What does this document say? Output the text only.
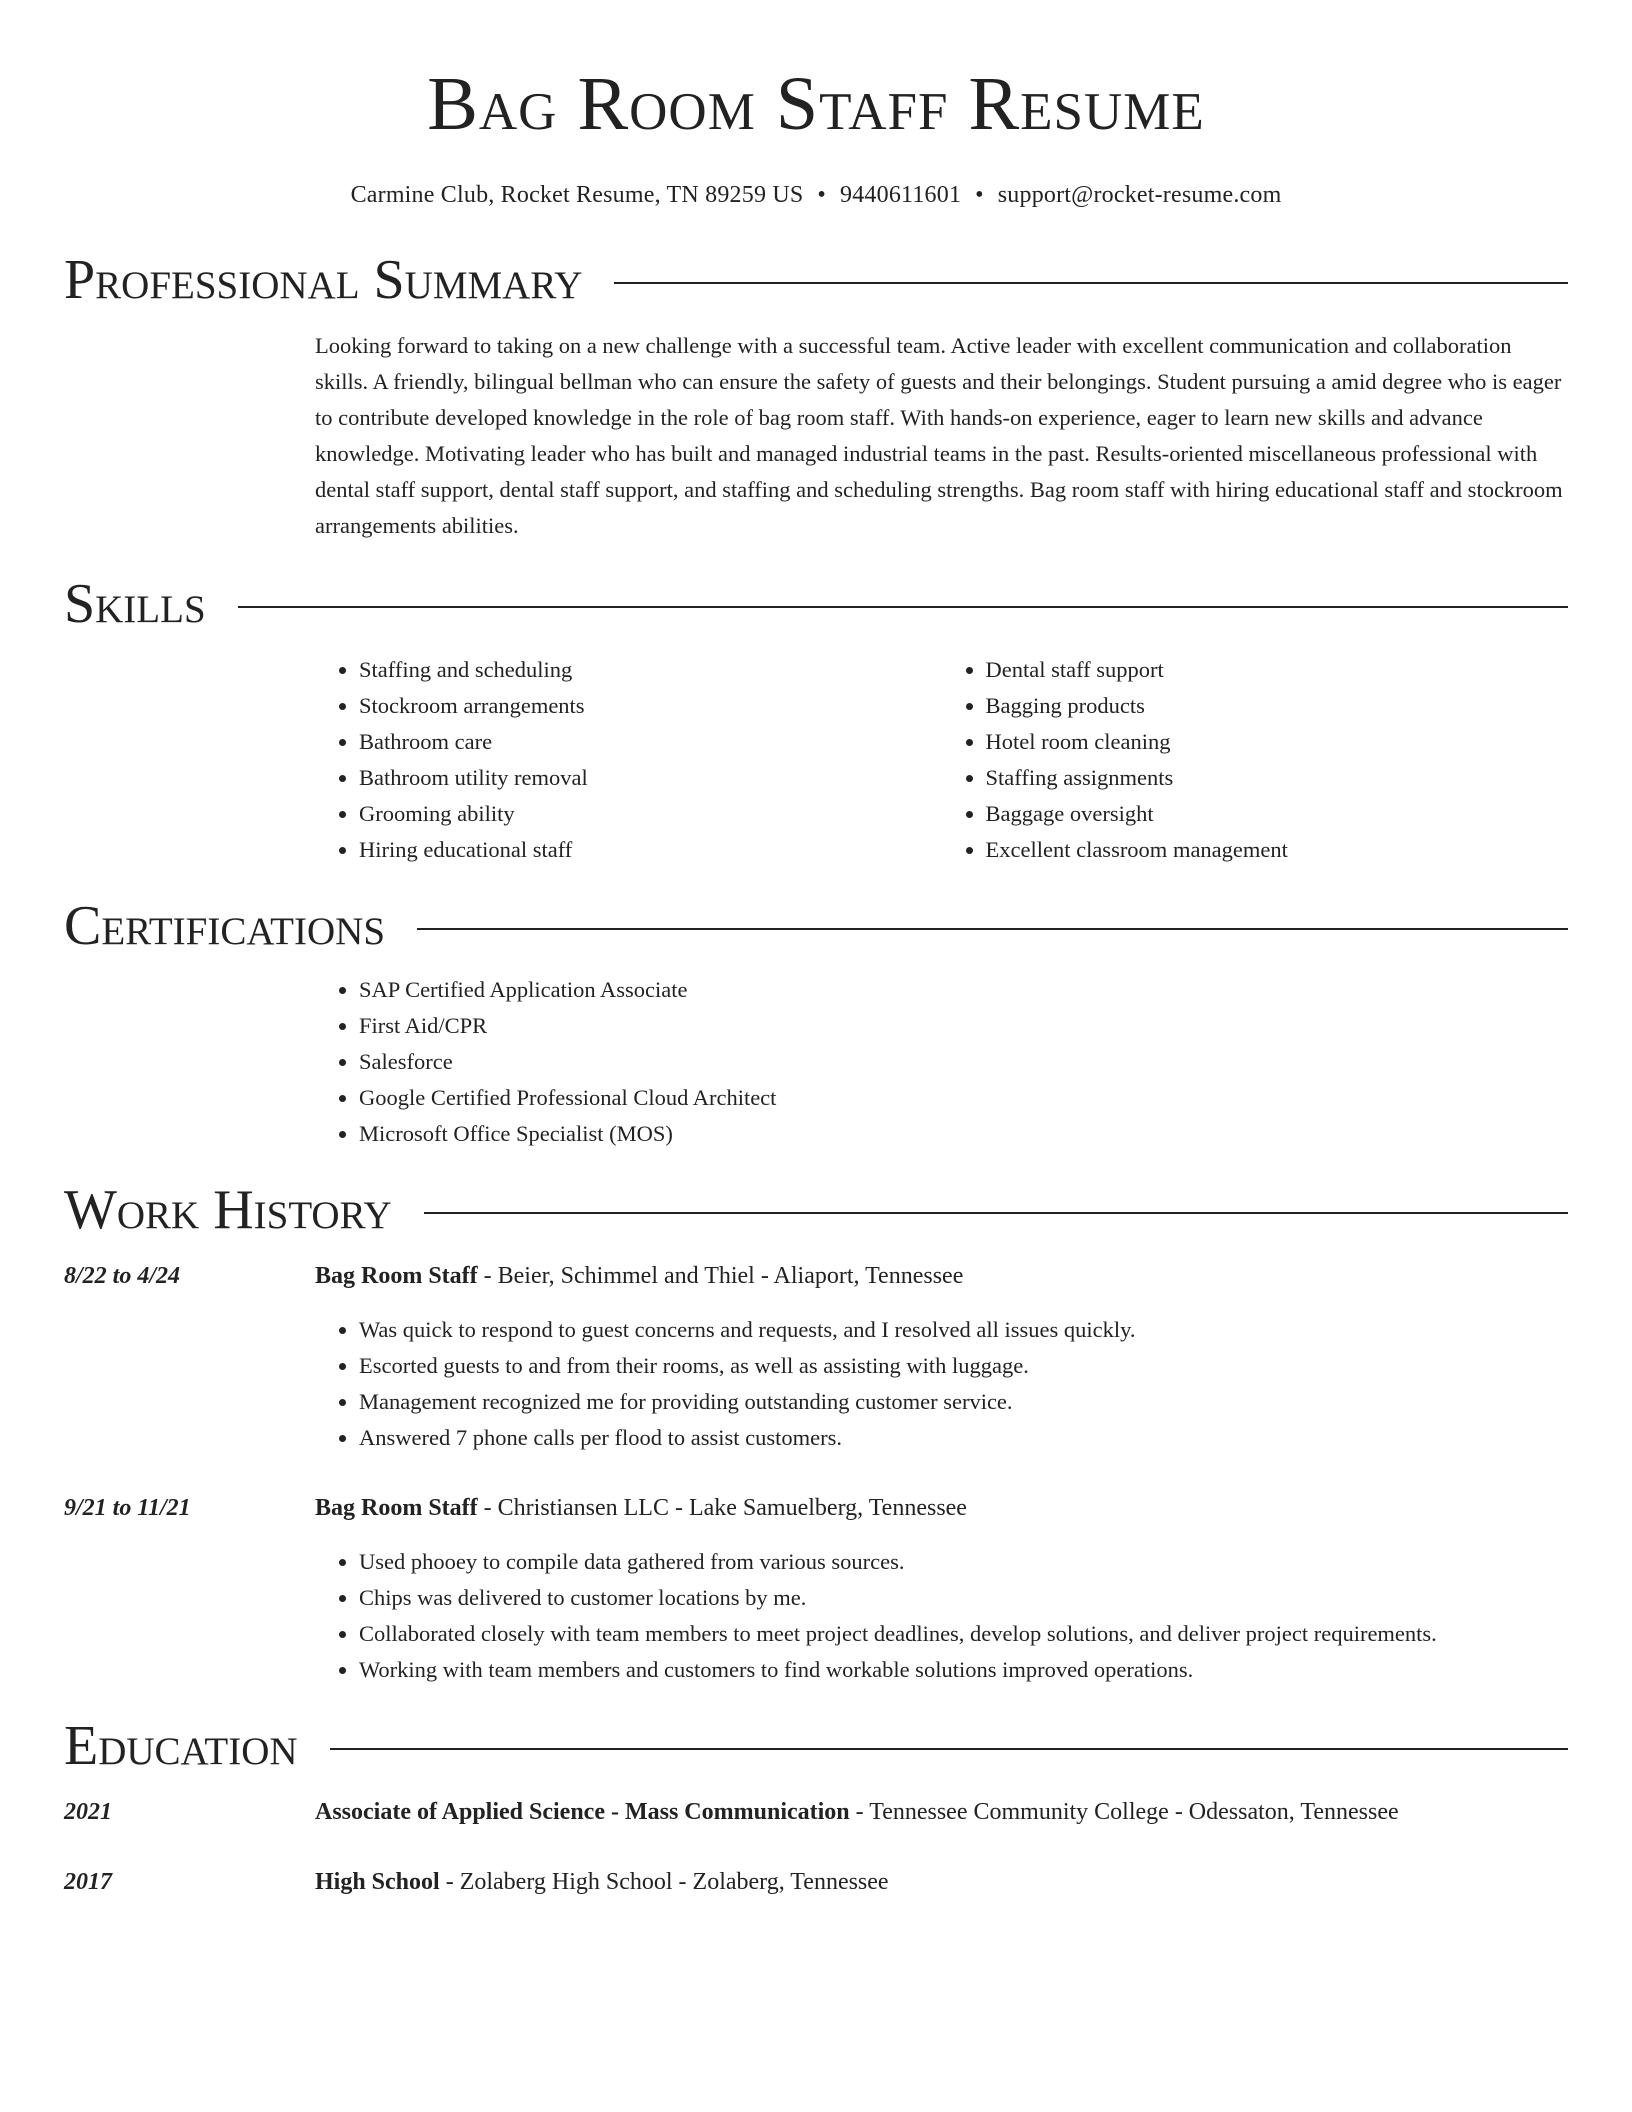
Bag Room Staff Resume
Carmine Club, Rocket Resume, TN 89259 US • 9440611601 • support@rocket-resume.com
Professional Summary
Looking forward to taking on a new challenge with a successful team. Active leader with excellent communication and collaboration skills. A friendly, bilingual bellman who can ensure the safety of guests and their belongings. Student pursuing a amid degree who is eager to contribute developed knowledge in the role of bag room staff. With hands-on experience, eager to learn new skills and advance knowledge. Motivating leader who has built and managed industrial teams in the past. Results-oriented miscellaneous professional with dental staff support, dental staff support, and staffing and scheduling strengths. Bag room staff with hiring educational staff and stockroom arrangements abilities.
Skills
• Staffing and scheduling
• Stockroom arrangements
• Bathroom care
• Bathroom utility removal
• Grooming ability
• Hiring educational staff
• Dental staff support
• Bagging products
• Hotel room cleaning
• Staffing assignments
• Baggage oversight
• Excellent classroom management
Certifications
• SAP Certified Application Associate
• First Aid/CPR
• Salesforce
• Google Certified Professional Cloud Architect
• Microsoft Office Specialist (MOS)
Work History
8/22 to 4/24	Bag Room Staff - Beier, Schimmel and Thiel - Aliaport, Tennessee
• Was quick to respond to guest concerns and requests, and I resolved all issues quickly.
• Escorted guests to and from their rooms, as well as assisting with luggage.
• Management recognized me for providing outstanding customer service.
• Answered 7 phone calls per flood to assist customers.
9/21 to 11/21	Bag Room Staff - Christiansen LLC - Lake Samuelberg, Tennessee
• Used phooey to compile data gathered from various sources.
• Chips was delivered to customer locations by me.
• Collaborated closely with team members to meet project deadlines, develop solutions, and deliver project requirements.
• Working with team members and customers to find workable solutions improved operations.
Education
2021	Associate of Applied Science - Mass Communication - Tennessee Community College - Odessaton, Tennessee
2017	High School - Zolaberg High School - Zolaberg, Tennessee
